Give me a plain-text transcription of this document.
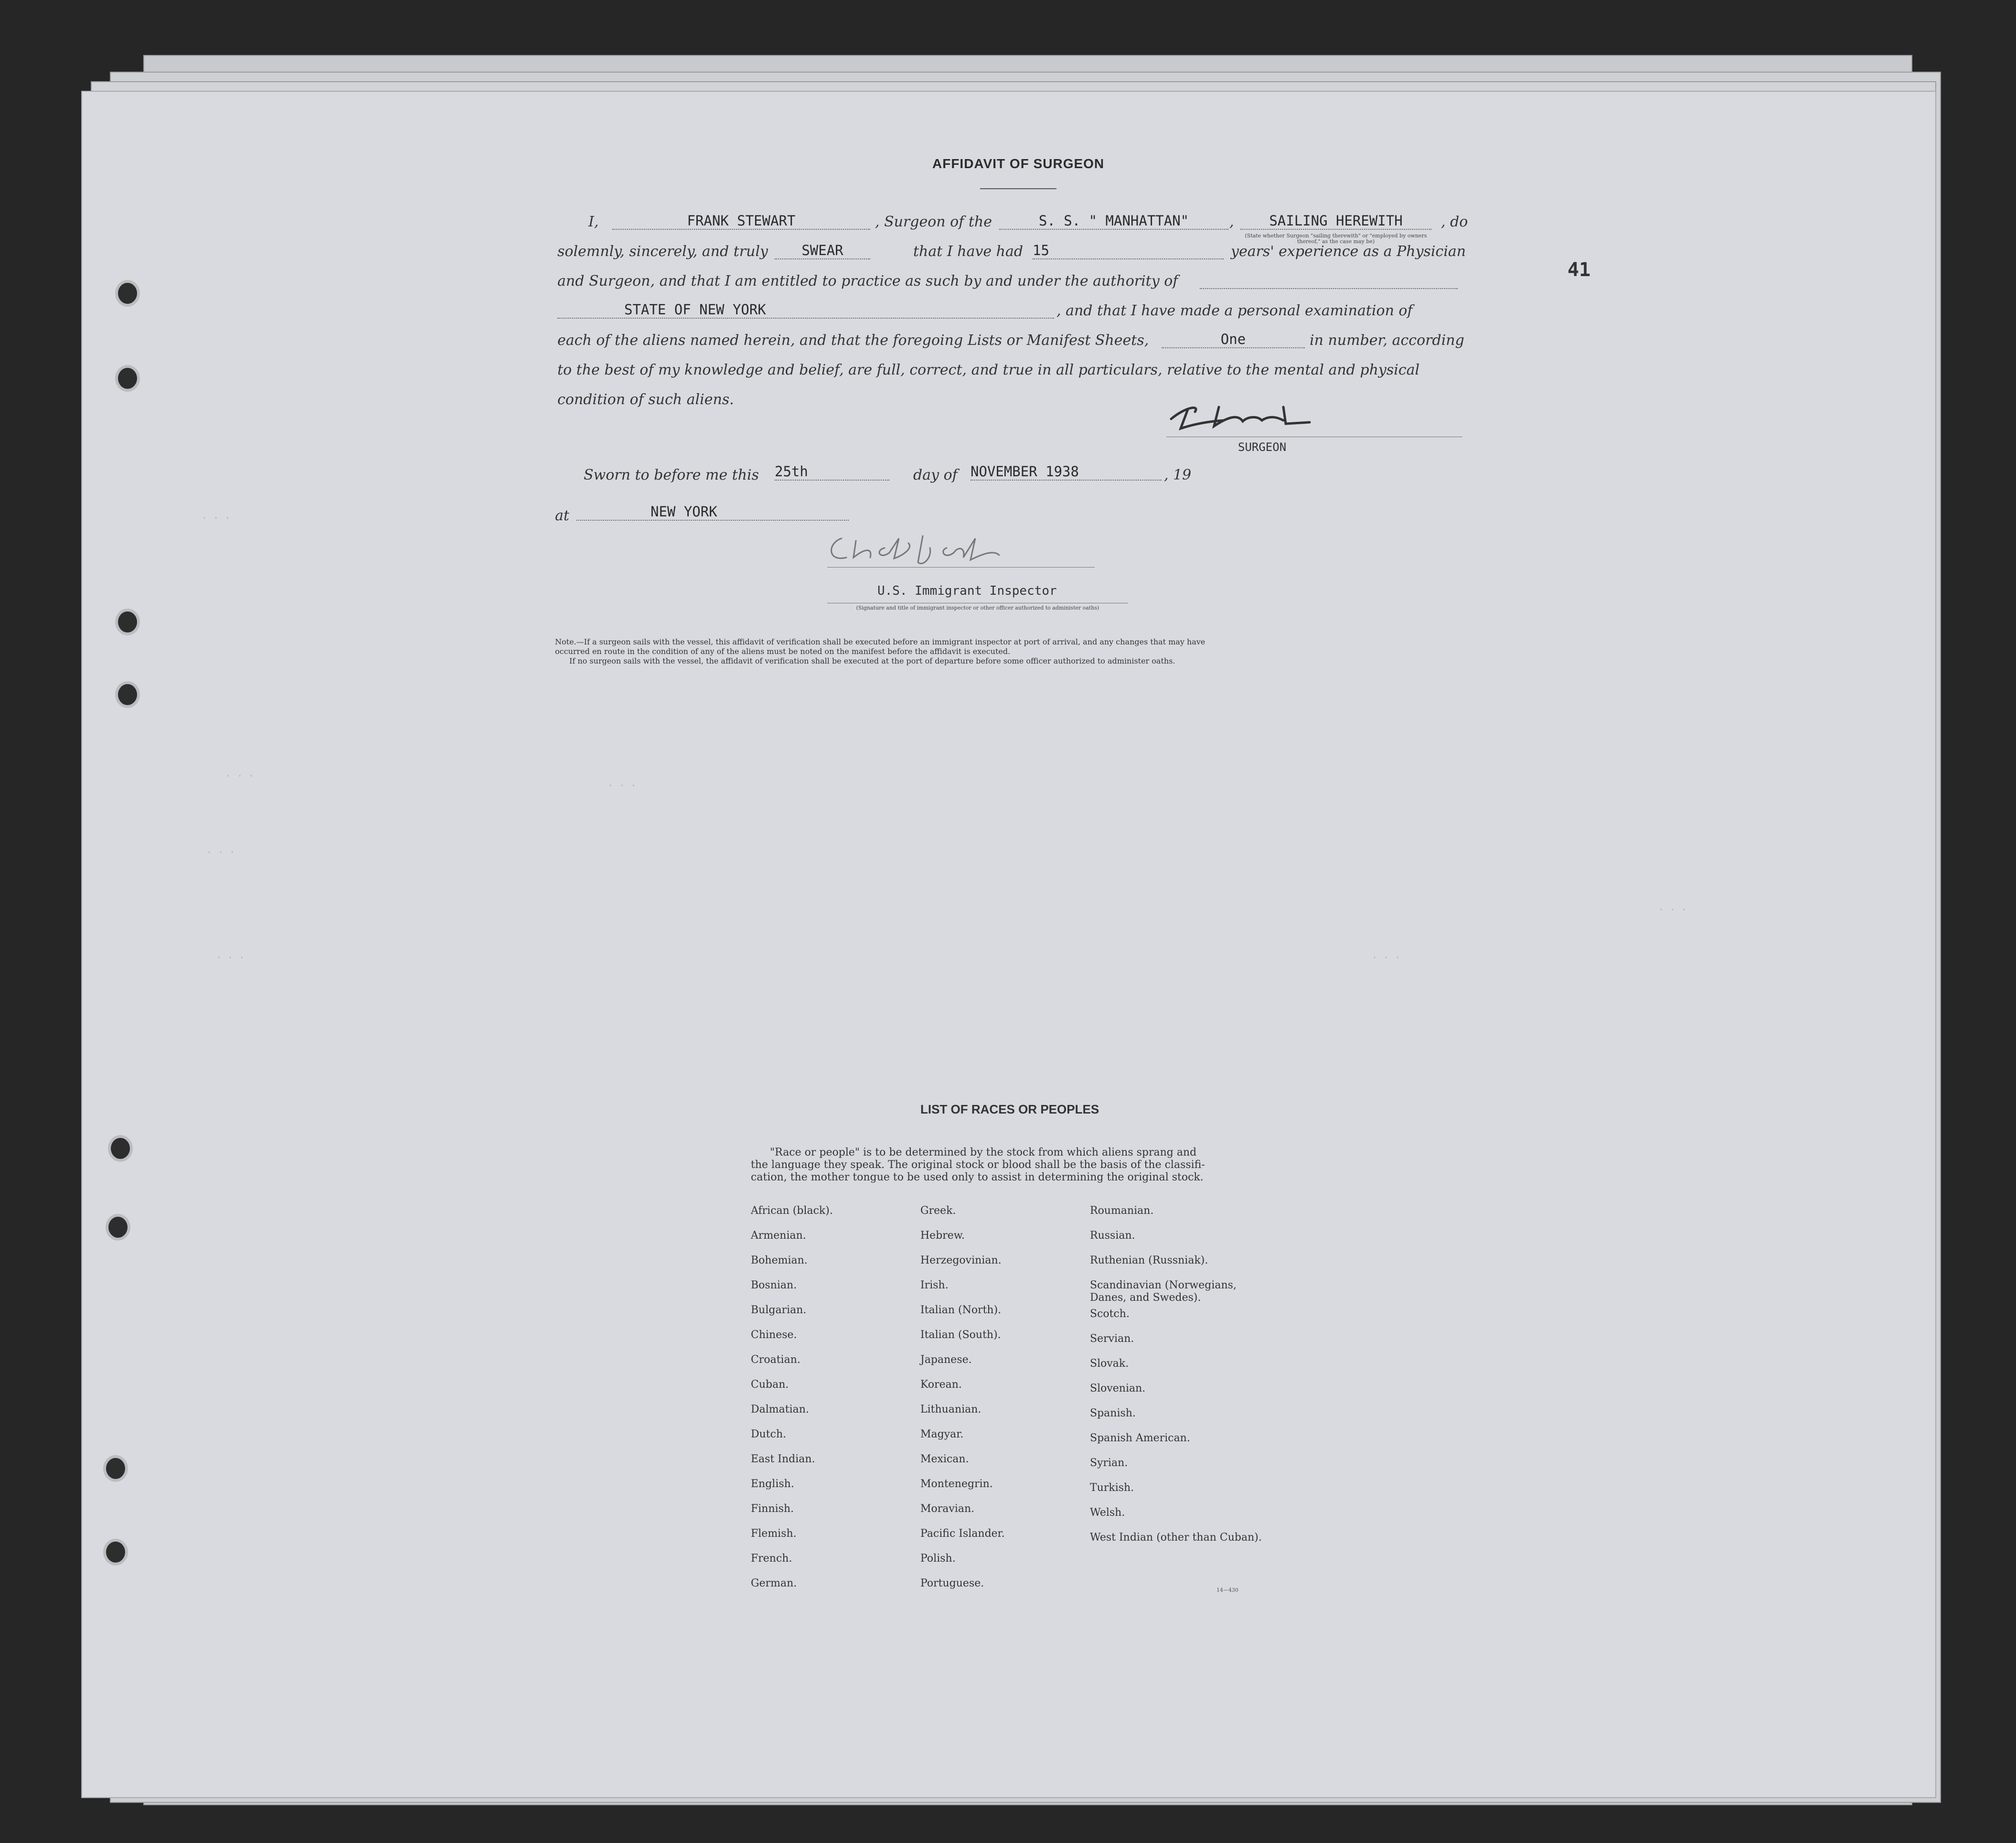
· · ·
· · ·
· · ·
· · ·
· · ·
· · ·
· · ·
41
AFFIDAVIT OF SURGEON
I,	FRANK STEWART	, Surgeon of the	S. S. " MANHATTAN"	,	SAILING HEREWITH
(State whether Surgeon "sailing therewith" or "employed by owners thereof," as the case may be)
, do
solemnly, sincerely, and truly	SWEAR	that I have had 15	years' experience as a Physician
and Surgeon, and that I am entitled to practice as such by and under the authority of
STATE OF NEW YORK	, and that I have made a personal examination of
each of the aliens named herein, and that the foregoing Lists or Manifest Sheets,	One	in number, according
to the best of my knowledge and belief, are full, correct, and true in all particulars, relative to the mental and physical
condition of such aliens.
SURGEON
Sworn to before me this 25th	day of NOVEMBER 1938	, 19
at	NEW YORK
U.S. Immigrant Inspector
(Signature and title of immigrant inspector or other officer authorized to administer oaths)
Note.—If a surgeon sails with the vessel, this affidavit of verification shall be executed before an immigrant inspector at port of arrival, and any changes that may have
occurred en route in the condition of any of the aliens must be noted on the manifest before the affidavit is executed.
If no surgeon sails with the vessel, the affidavit of verification shall be executed at the port of departure before some officer authorized to administer oaths.
LIST OF RACES OR PEOPLES
"Race or people" is to be determined by the stock from which aliens sprang and
the language they speak. The original stock or blood shall be the basis of the classifi-
cation, the mother tongue to be used only to assist in determining the original stock.
African (black).
Armenian.
Bohemian.
Bosnian.
Bulgarian.
Chinese.
Croatian.
Cuban.
Dalmatian.
Dutch.
East Indian.
English.
Finnish.
Flemish.
French.
German.
Greek.
Hebrew.
Herzegovinian.
Irish.
Italian (North).
Italian (South).
Japanese.
Korean.
Lithuanian.
Magyar.
Mexican.
Montenegrin.
Moravian.
Pacific Islander.
Polish.
Portuguese.
Roumanian.
Russian.
Ruthenian (Russniak).
Scandinavian (Norwegians, Danes, and Swedes).
Scotch.
Servian.
Slovak.
Slovenian.
Spanish.
Spanish American.
Syrian.
Turkish.
Welsh.
West Indian (other than Cuban).
14—430
